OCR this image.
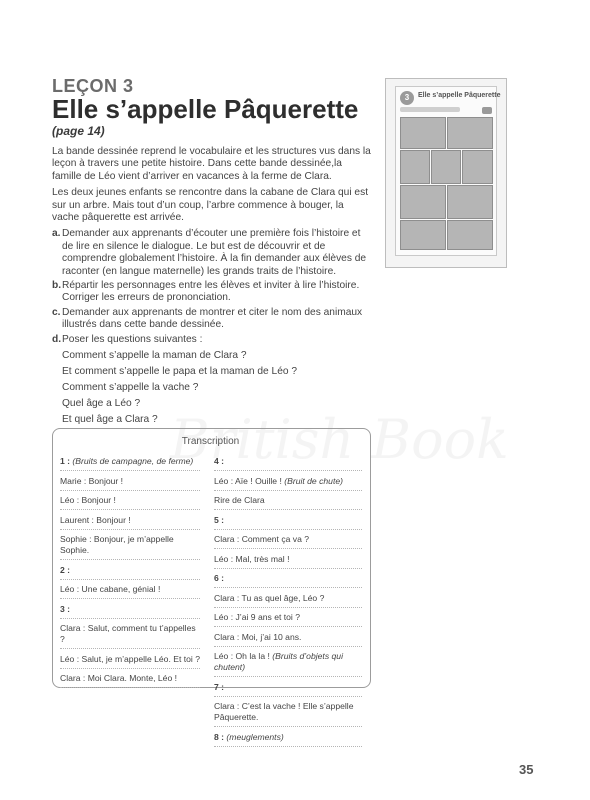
LEÇON 3
Elle s’appelle Pâquerette
(page 14)

La bande dessinée reprend le vocabulaire et les structures vus dans la leçon à travers une petite histoire. Dans cette bande dessinée,la famille de Léo vient d’arriver en vacances à la ferme de Clara.

Les deux jeunes enfants se rencontre dans la cabane de Clara qui est sur un arbre. Mais tout d’un coup, l’arbre commence à bouger, la vache pâquerette est arrivée.

a. Demander aux apprenants d’écouter une première fois l’histoire et de lire en silence le dialogue. Le but est de découvrir et de comprendre globalement l’histoire. À la fin demander aux élèves de raconter (en langue maternelle) les grands traits de l’histoire.
b. Répartir les personnages entre les élèves et inviter à lire l’histoire. Corriger les erreurs de prononciation.
c. Demander aux apprenants de montrer et citer le nom des animaux illustrés dans cette bande dessinée.
d. Poser les questions suivantes :
Comment s’appelle la maman de Clara ?
Et comment s’appelle le papa et la maman de Léo ?
Comment s’appelle la vache ?
Quel âge a Léo ?
Et quel âge a Clara ?
3	Elle s’appelle Pâquerette
Transcription
1 : (Bruits de campagne, de ferme)
Marie : Bonjour !
Léo : Bonjour !
Laurent : Bonjour !
Sophie : Bonjour, je m’appelle Sophie.
2 :
Léo : Une cabane, génial !
3 :
Clara : Salut, comment tu t’appelles ?
Léo : Salut, je m’appelle Léo. Et toi ?
Clara : Moi Clara. Monte, Léo !
4 :
Léo : Aïe ! Ouille ! (Bruit de chute)
Rire de Clara
5 :
Clara : Comment ça va ?
Léo : Mal, très mal !
6 :
Clara : Tu as quel âge, Léo ?
Léo : J’ai 9 ans et toi ?
Clara : Moi, j’ai 10 ans.
Léo : Oh la la ! (Bruits d’objets qui chutent)
7 :
Clara : C’est la vache ! Elle s’appelle Pâquerette.
8 : (meuglements)
35
